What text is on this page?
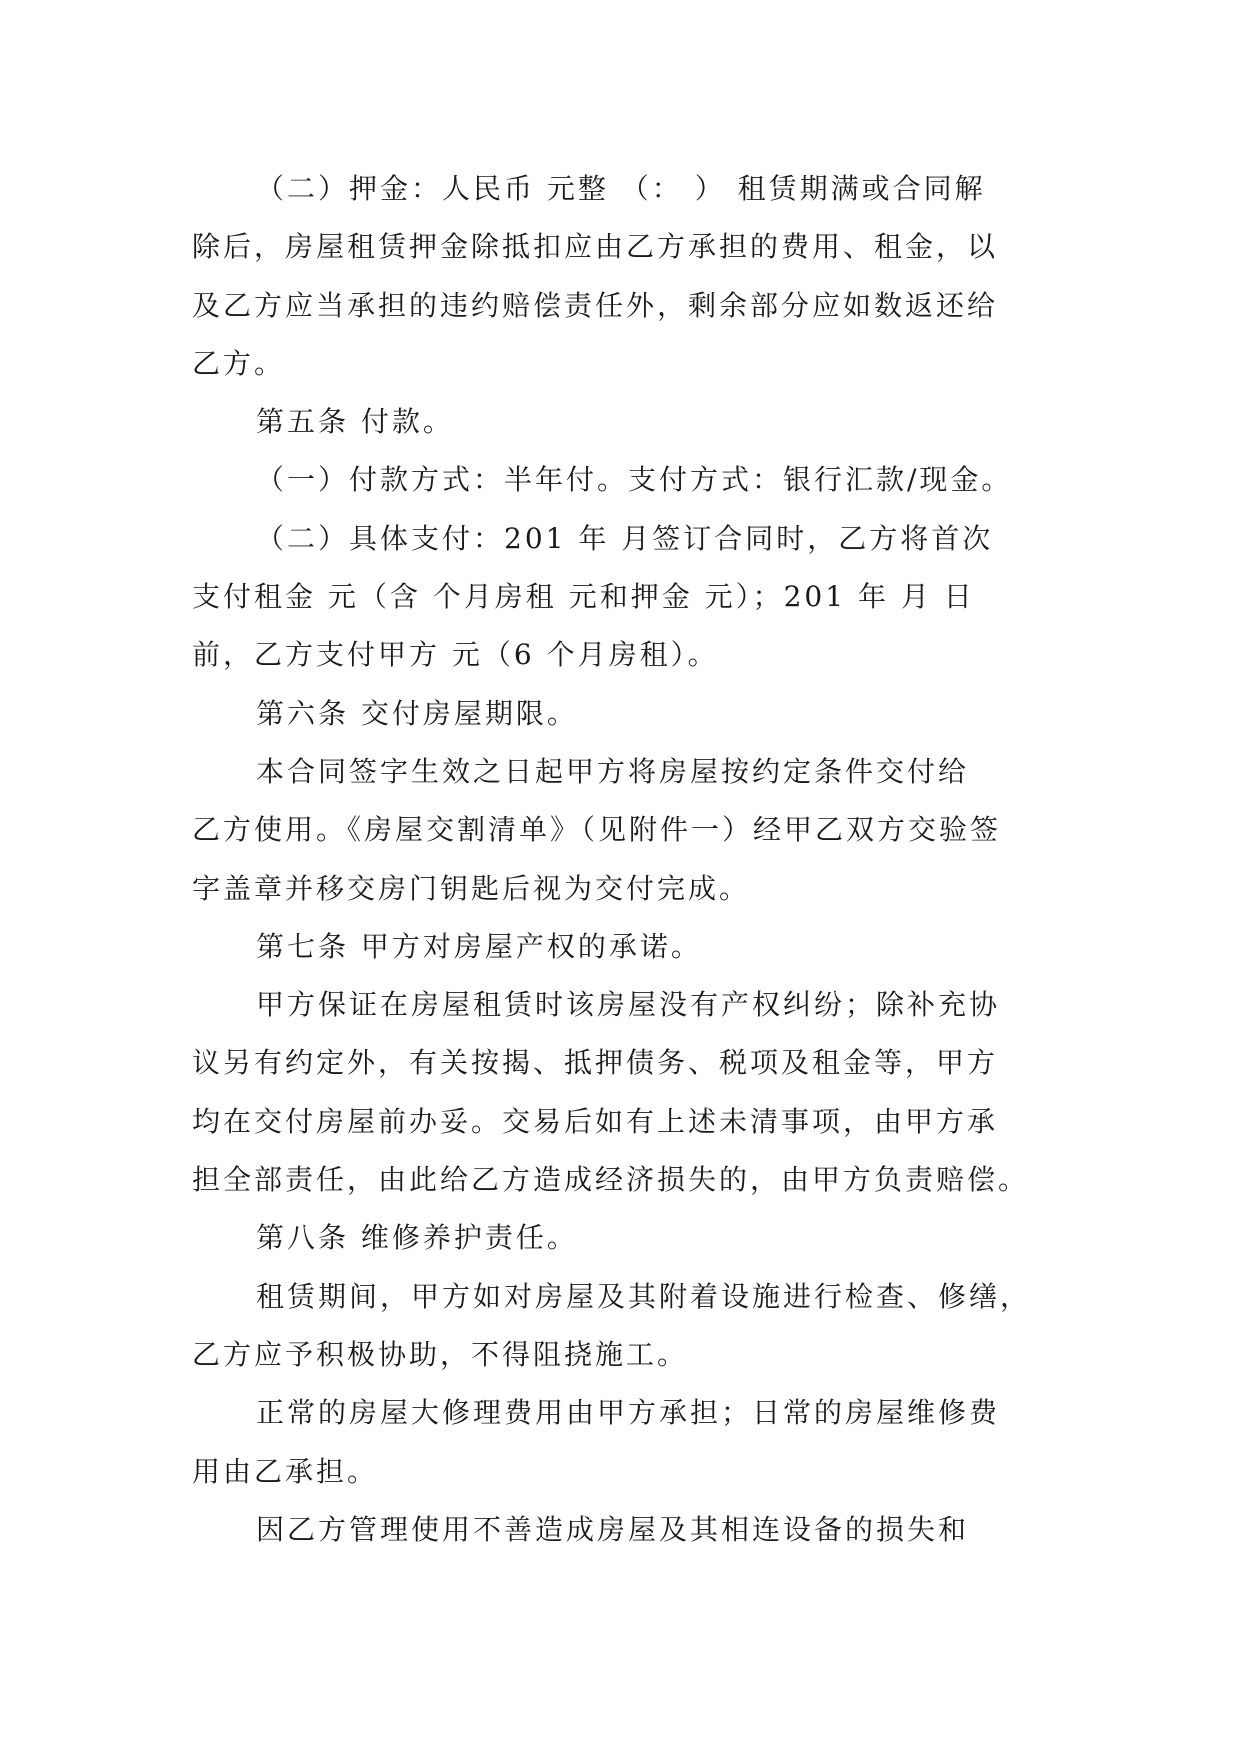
（二）押金：人民币 元整 （： ） 租赁期满或合同解
除后，房屋租赁押金除抵扣应由乙方承担的费用、租金，以
及乙方应当承担的违约赔偿责任外，剩余部分应如数返还给
乙方。
第五条 付款。
（一）付款方式：半年付。支付方式：银行汇款/现金。
（二）具体支付：201 年 月签订合同时，乙方将首次
支付租金 元（含 个月房租 元和押金 元）；201 年 月 日
前，乙方支付甲方 元（6 个月房租）。
第六条 交付房屋期限。
本合同签字生效之日起甲方将房屋按约定条件交付给
乙方使用。《房屋交割清单》（见附件一）经甲乙双方交验签
字盖章并移交房门钥匙后视为交付完成。
第七条 甲方对房屋产权的承诺。
甲方保证在房屋租赁时该房屋没有产权纠纷；除补充协
议另有约定外，有关按揭、抵押债务、税项及租金等，甲方
均在交付房屋前办妥。交易后如有上述未清事项，由甲方承
担全部责任，由此给乙方造成经济损失的，由甲方负责赔偿。
第八条 维修养护责任。
租赁期间，甲方如对房屋及其附着设施进行检查、修缮，
乙方应予积极协助，不得阻挠施工。
正常的房屋大修理费用由甲方承担；日常的房屋维修费
用由乙承担。
因乙方管理使用不善造成房屋及其相连设备的损失和
